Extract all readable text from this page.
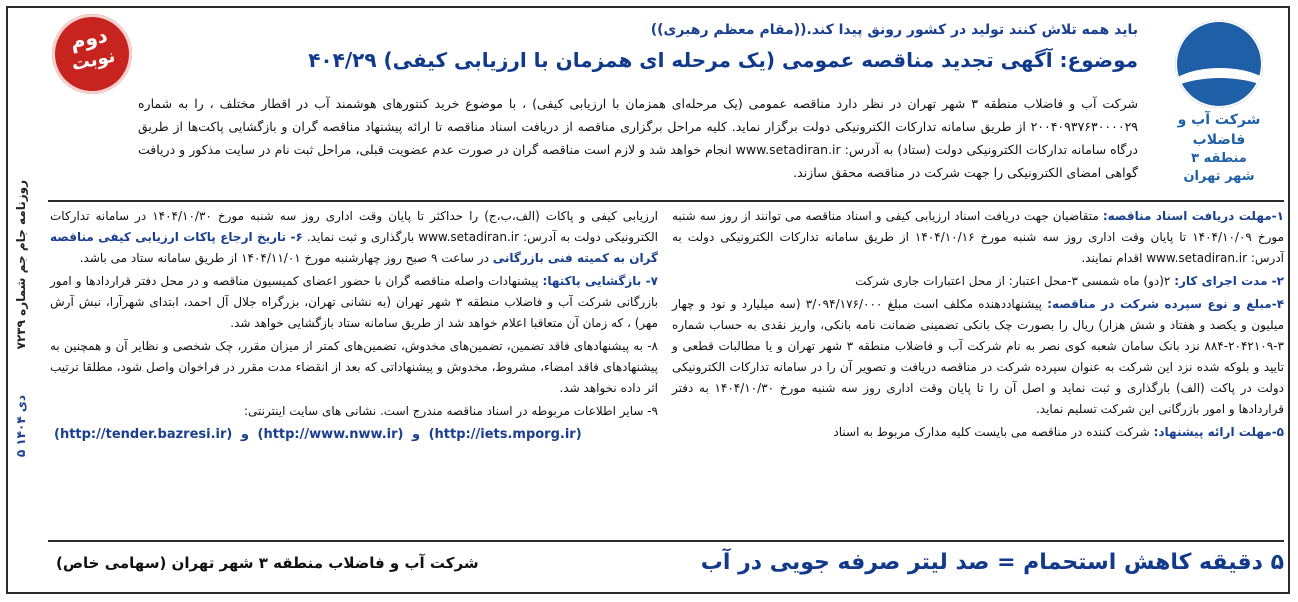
روزنامه جام جم شماره ۷۲۳۹
۵ دی ۱۴۰۴
دوم
نوبت
شرکت آب و فاضلاب
منطقه ۳
شهر تهران
باید همه تلاش کنند تولید در کشور رونق پیدا کند.((مقام معظم رهبری))
موضوع: آگهی تجدید مناقصه عمومی (یک مرحله ای همزمان با ارزیابی کیفی) ۴۰۴/۲۹
شرکت آب و فاضلاب منطقه ۳ شهر تهران در نظر دارد مناقصه عمومی (یک مرحله‌ای همزمان با ارزیابی کیفی) ، با موضوع خرید کنتورهای هوشمند آب در اقطار مختلف ، را به شماره ۲۰۰۴۰۹۳۷۶۳۰۰۰۰۲۹ از طریق سامانه تدارکات الکترونیکی دولت برگزار نماید. کلیه مراحل برگزاری مناقصه از دریافت اسناد مناقصه تا ارائه پیشنهاد مناقصه گران و بازگشایی پاکت‌ها از طریق درگاه سامانه تدارکات الکترونیکی دولت (ستاد) به آدرس: www.setadiran.ir انجام خواهد شد و لازم است مناقصه گران در صورت عدم عضویت قبلی، مراحل ثبت نام در سایت مذکور و دریافت گواهی امضای الکترونیکی را جهت شرکت در مناقصه محقق سازند.

۱-مهلت دریافت اسناد مناقصه: متقاضیان جهت دریافت اسناد ارزیابی کیفی و اسناد مناقصه می توانند از روز سه شنبه مورخ ۱۴۰۴/۱۰/۰۹ تا پایان وقت اداری روز سه شنبه مورخ ۱۴۰۴/۱۰/۱۶ از طریق سامانه تدارکات الکترونیکی دولت به آدرس: www.setadiran.ir اقدام نمایند.

۲- مدت اجرای کار: ۲(دو) ماه شمسی ۳-محل اعتبار: از محل اعتبارات جاری شرکت

۴-مبلغ و نوع سپرده شرکت در مناقصه: پیشنهاددهنده مکلف است مبلغ ۳/۰۹۴/۱۷۶/۰۰۰ (سه میلیارد و نود و چهار میلیون و یکصد و هفتاد و شش هزار) ریال را بصورت چک بانکی تضمینی ضمانت نامه بانکی، واریز نقدی به حساب شماره ۳-۲۰۴۲۱۰۹-۸۸۴ نزد بانک سامان شعبه کوی نصر به نام شرکت آب و فاضلاب منطقه ۳ شهر تهران و یا مطالبات قطعی و تایید و بلوکه شده نزد این شرکت به عنوان سپرده شرکت در مناقصه دریافت و تصویر آن را در سامانه تدارکات الکترونیکی دولت در پاکت (الف) بارگذاری و ثبت نماید و اصل آن را تا پایان وقت اداری روز سه شنبه مورخ ۱۴۰۴/۱۰/۳۰ به دفتر قراردادها و امور بازرگانی این شرکت تسلیم نماید.

۵-مهلت ارائه پیشنهاد: شرکت کننده در مناقصه می بایست کلیه مدارک مربوط به اسناد

ارزیابی کیفی و پاکات (الف،ب،ج) را حداکثر تا پایان وقت اداری روز سه شنبه مورخ ۱۴۰۴/۱۰/۳۰ در سامانه تدارکات الکترونیکی دولت به آدرس: www.setadiran.ir بارگذاری و ثبت نماید. ۶- تاریخ ارجاع پاکات ارزیابی کیفی مناقصه گران به کمیته فنی بازرگانی در ساعت ۹ صبح روز چهارشنبه مورخ ۱۴۰۴/۱۱/۰۱ از طریق سامانه ستاد می باشد.

۷- بازگشایی پاکتها: پیشنهادات واصله مناقصه گران با حضور اعضای کمیسیون مناقصه و در محل دفتر قراردادها و امور بازرگانی شرکت آب و فاضلاب منطقه ۳ شهر تهران (به نشانی تهران، بزرگراه جلال آل احمد، ابتدای شهرآرا، نبش آرش مهر) ، که زمان آن متعاقبا اعلام خواهد شد از طریق سامانه ستاد بازگشایی خواهد شد.

۸- به پیشنهادهای فاقد تضمین، تضمین‌های مخدوش، تضمین‌های کمتر از میزان مقرر، چک شخصی و نظایر آن و همچنین به پیشنهادهای فاقد امضاء، مشروط، مخدوش و پیشنهاداتی که بعد از انقضاء مدت مقرر در فراخوان واصل شود، مطلقا ترتیب اثر داده نخواهد شد.

۹- سایر اطلاعات مربوطه در اسناد مناقصه مندرج است. نشانی های سایت اینترنتی:

(http://tender.bazresi.ir) و (http://www.nww.ir) و (http://iets.mporg.ir)
۵ دقیقه کاهش استحمام = صد لیتر صرفه جویی در آب
شرکت آب و فاضلاب منطقه ۳ شهر تهران (سهامی خاص)
